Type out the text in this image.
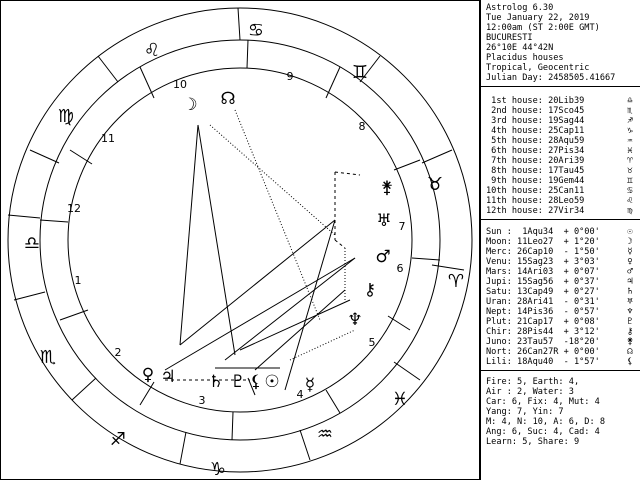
1
2
3	4
5
6
7
8
9
10
11
12
♎
♏
♐
♑
♒
♓
♈
♉
♊
♋
♌
♍
☽ ☊
☉ ☿
♀
♂
♃ ♄
♅
♆
♇
⚷
⚵
⚸
Astrolog 6.30
Tue January 22, 2019
12:00am (ST 2:00E GMT)
BUCURESTI
26°10E 44°42N
Placidus houses
Tropical, Geocentric
Julian Day: 2458505.41667
1st house: 20Lib39	♎
2nd house: 17Sco45	♏
3rd house: 19Sag44	♐
4th house: 25Cap11	♑
5th house: 28Aqu59	♒
6th house: 27Pis34	♓
7th house: 20Ari39	♈
8th house: 17Tau45	♉
9th house: 19Gem44	♊
10th house: 25Can11	♋
11th house: 28Leo59	♌
12th house: 27Vir34	♍
Sun :  1Aqu34  + 0°00'	☉
Moon: 11Leo27  + 1°20'	☽
Merc: 26Cap10  - 1°50'	☿
Venu: 15Sag23  + 3°03'	♀
Mars: 14Ari03  + 0°07'	♂
Jupi: 15Sag56  + 0°37'	♃
Satu: 13Cap49  + 0°27'	♄
Uran: 28Ari41  - 0°31'	♅
Nept: 14Pis36  - 0°57'	♆
Plut: 21Cap17  + 0°08'	♇
Chir: 28Pis44  + 3°12'	⚷
Juno: 23Tau57  -18°20'	⚵
Nort: 26Can27R + 0°00'	☊
Lili: 18Aqu40  - 1°57'	⚸
Fire: 5, Earth: 4,
Air : 2, Water: 3
Car: 6, Fix: 4, Mut: 4
Yang: 7, Yin: 7
M: 4, N: 10, A: 6, D: 8
Ang: 6, Suc: 4, Cad: 4
Learn: 5, Share: 9
